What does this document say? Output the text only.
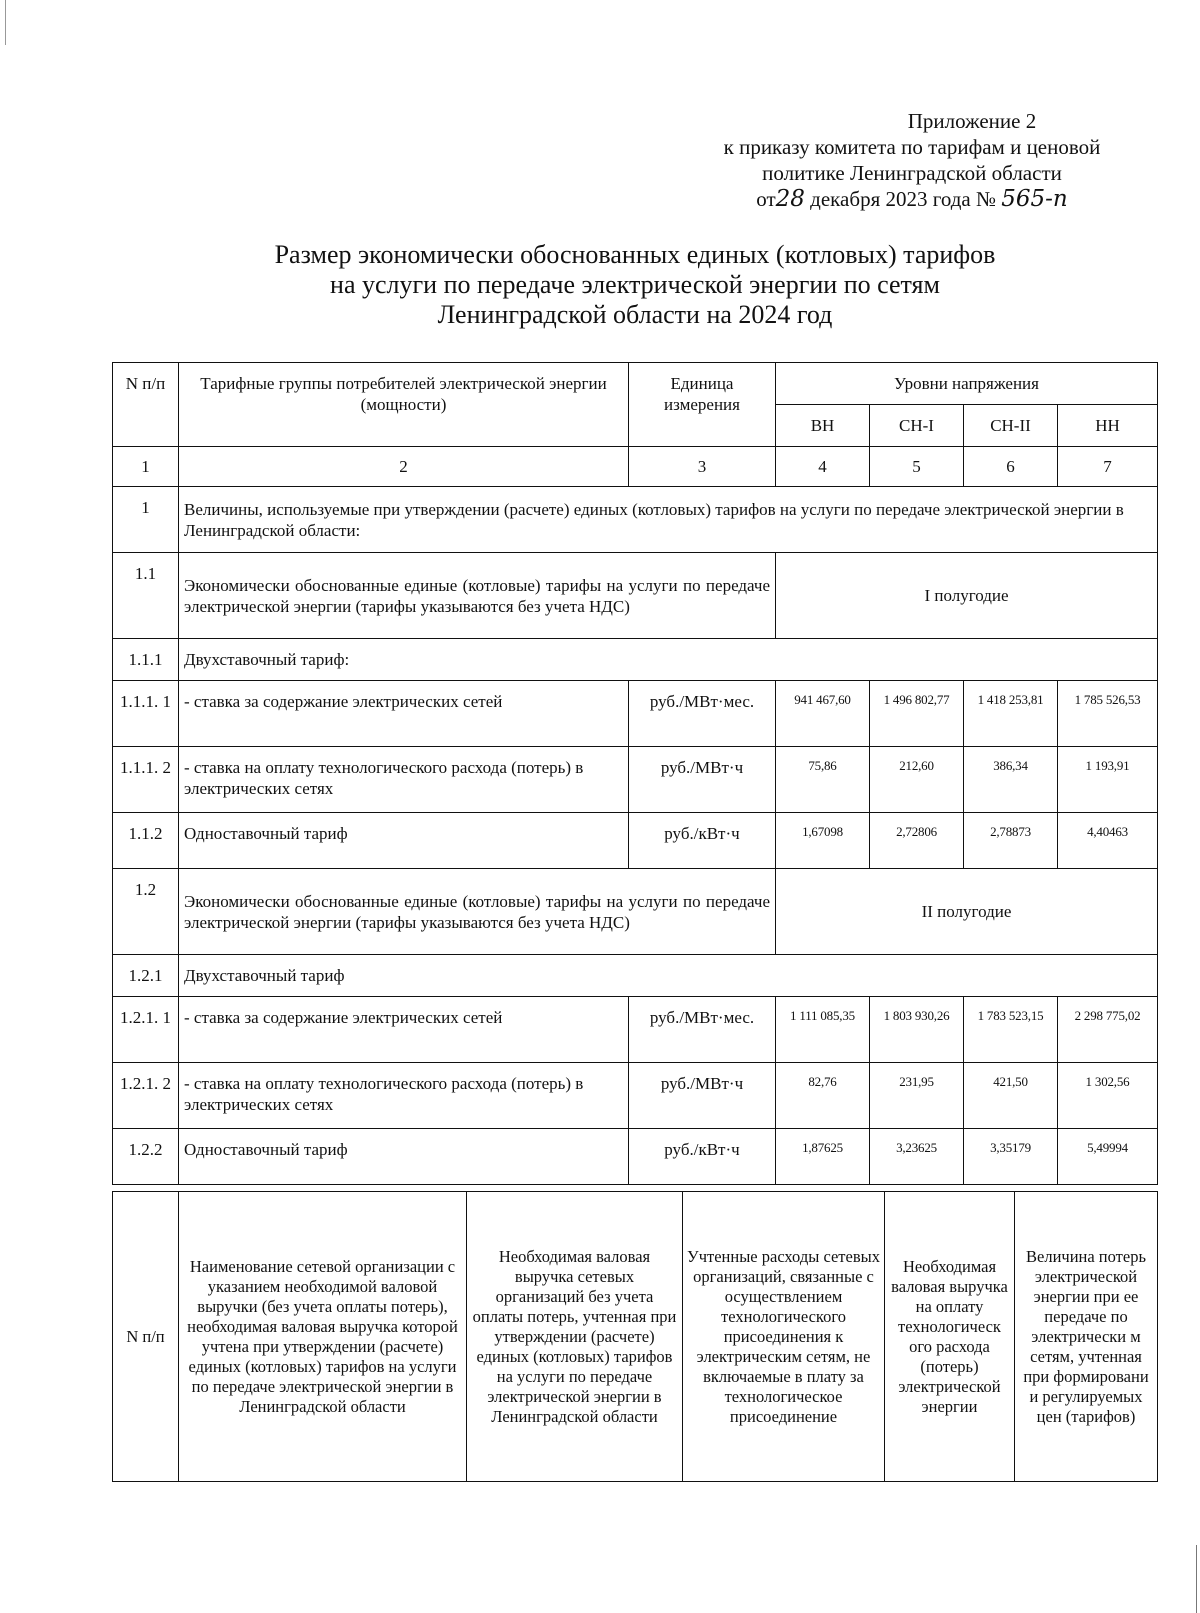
Приложение 2
к приказу комитета по тарифам и ценовой
политике Ленинградской области
от28 декабря 2023 года № 565-п
Размер экономически обоснованных единых (котловых) тарифов
на услуги по передаче электрической энергии по сетям
Ленинградской области на 2024 год
N п/п	Тарифные группы потребителей электрической энергии (мощности)	Единица измерения	Уровни напряжения			
			ВН	СН-I	СН-II	НН
1	2	3	4	5	6	7
1	Величины, используемые при утверждении (расчете) единых (котловых) тарифов на услуги по передаче электрической энергии в Ленинградской области:					
1.1	Экономически обоснованные единые (котловые) тарифы на услуги по передаче электрической энергии (тарифы указываются без учета НДС)		I полугодие			
1.1.1	Двухставочный тариф:					
1.1.1. 1	- ставка за содержание электрических сетей	руб./МВт·мес.	941 467,60	1 496 802,77	1 418 253,81	1 785 526,53
1.1.1. 2	- ставка на оплату технологического расхода (потерь) в электрических сетях	руб./МВт·ч	75,86	212,60	386,34	1 193,91
1.1.2	Одноставочный тариф	руб./кВт·ч	1,67098	2,72806	2,78873	4,40463
1.2	Экономически обоснованные единые (котловые) тарифы на услуги по передаче электрической энергии (тарифы указываются без учета НДС)		II полугодие			
1.2.1	Двухставочный тариф					
1.2.1. 1	- ставка за содержание электрических сетей	руб./МВт·мес.	1 111 085,35	1 803 930,26	1 783 523,15	2 298 775,02
1.2.1. 2	- ставка на оплату технологического расхода (потерь) в электрических сетях	руб./МВт·ч	82,76	231,95	421,50	1 302,56
1.2.2	Одноставочный тариф	руб./кВт·ч	1,87625	3,23625	3,35179	5,49994
N п/п	Наименование сетевой организации с указанием необходимой валовой выручки (без учета оплаты потерь), необходимая валовая выручка которой учтена при утверждении (расчете) единых (котловых) тарифов на услуги по передаче электрической энергии в Ленинградской области	Необходимая валовая выручка сетевых организаций без учета оплаты потерь, учтенная при утверждении (расчете) единых (котловых) тарифов на услуги по передаче электрической энергии в Ленинградской области	Учтенные расходы сетевых организаций, связанные с осуществлением технологического присоединения к электрическим сетям, не включаемые в плату за технологическое присоединение	Необходимая валовая выручка на оплату технологическ ого расхода (потерь) электрической энергии	Величина потерь электрической энергии при ее передаче по электрически м сетям, учтенная при формировани и регулируемых цен (тарифов)
